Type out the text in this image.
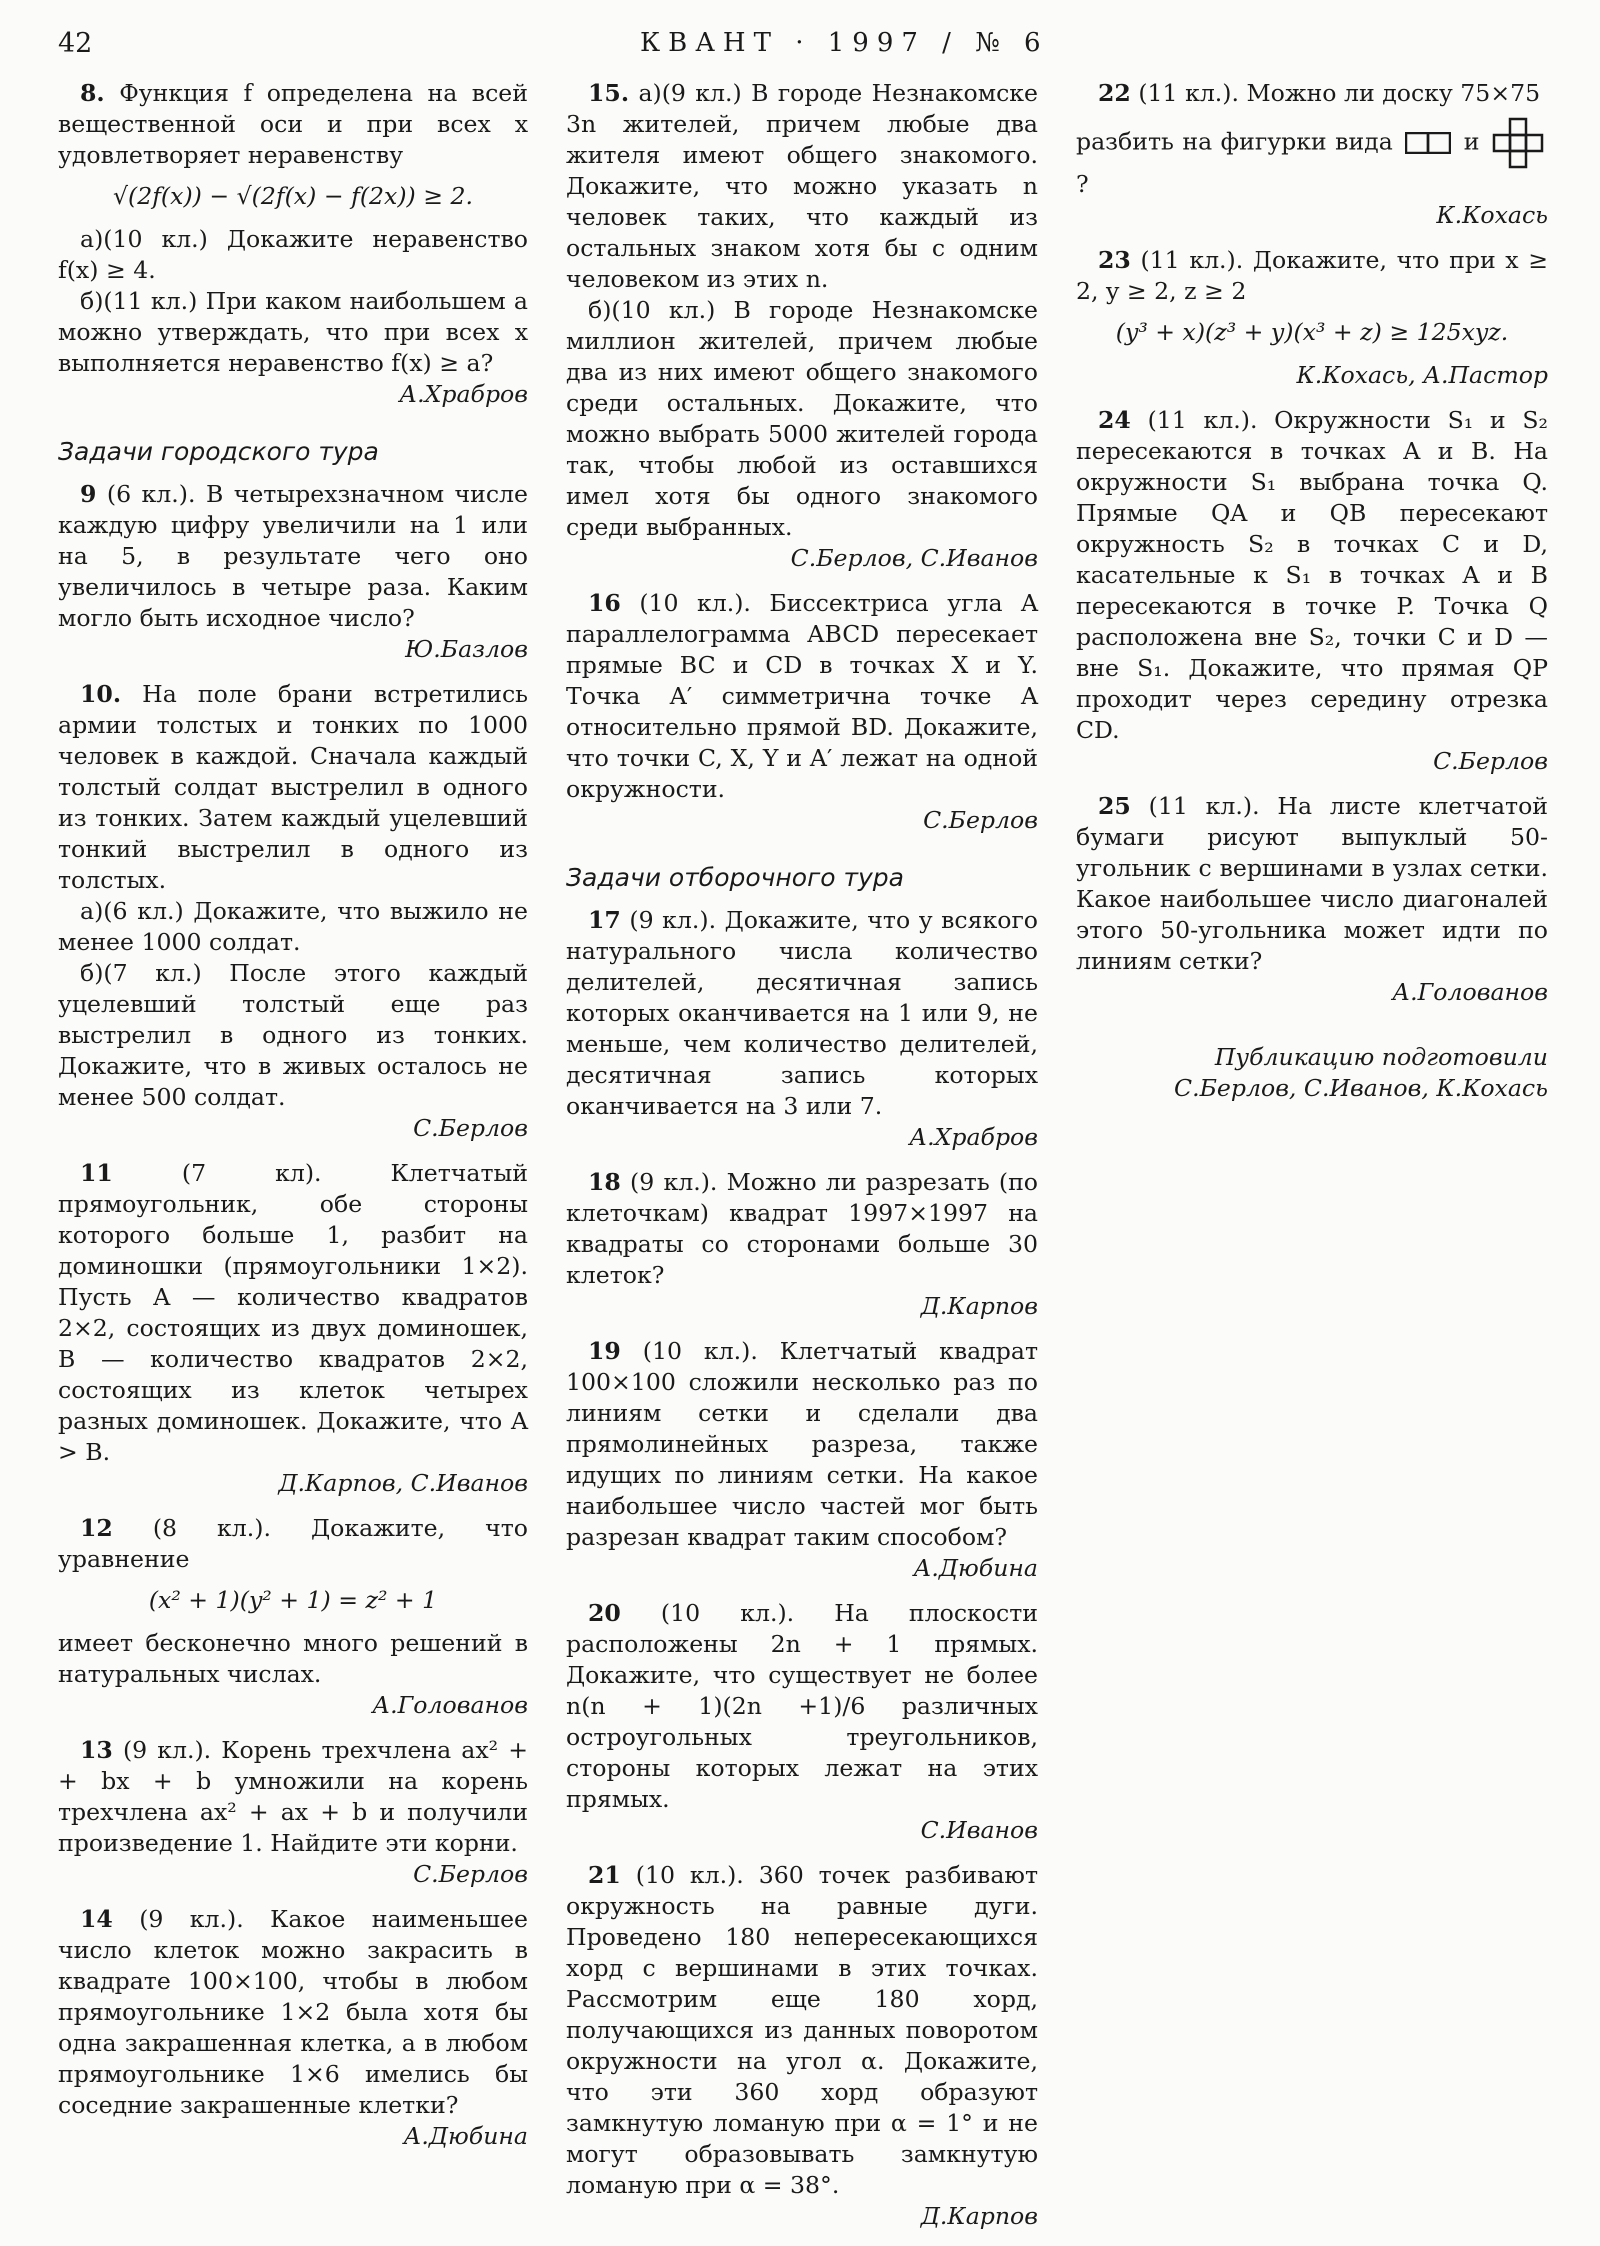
42	КВАНТ · 1997 / № 6

8. Функция f определена на всей вещественной оси и при всех x удовлетворяет неравенству

√(2f(x)) − √(2f(x) − f(2x)) ≥ 2.

а)(10 кл.) Докажите неравенство f(x) ≥ 4.

б)(11 кл.) При каком наибольшем a можно утверждать, что при всех x выполняется неравенство f(x) ≥ a?

А.Храбров

Задачи городского тура

9 (6 кл.). В четырехзначном числе каждую цифру увеличили на 1 или на 5, в результате чего оно увеличилось в четыре раза. Каким могло быть исходное число?

Ю.Базлов

10. На поле брани встретились армии толстых и тонких по 1000 человек в каждой. Сначала каждый толстый солдат выстрелил в одного из тонких. Затем каждый уцелевший тонкий выстрелил в одного из толстых.

а)(6 кл.) Докажите, что выжило не менее 1000 солдат.

б)(7 кл.) После этого каждый уцелевший толстый еще раз выстрелил в одного из тонких. Докажите, что в живых осталось не менее 500 солдат.

С.Берлов

11	(7 кл). Клетчатый прямоугольник, обе стороны которого больше 1, разбит на доминошки (прямоугольники 1×2). Пусть A — количество квадратов 2×2, состоящих из двух доминошек, B — количество квадратов 2×2, состоящих из клеток четырех разных доминошек. Докажите, что A > B.

Д.Карпов, С.Иванов

12 (8 кл.). Докажите, что уравнение

(x² + 1)(y² + 1) = z² + 1

имеет бесконечно много решений в натуральных числах.

А.Голованов

13 (9 кл.). Корень трехчлена ax² + + bx + b умножили на корень трехчлена ax² + ax + b и получили произведение 1. Найдите эти корни.

С.Берлов

14 (9 кл.). Какое наименьшее число клеток можно закрасить в квадрате 100×100, чтобы в любом прямоугольнике 1×2 была хотя бы одна закрашенная клетка, а в любом прямоугольнике 1×6 имелись бы соседние закрашенные клетки?

А.Дюбина

15. а)(9 кл.) В городе Незнакомске 3n жителей, причем любые два жителя имеют общего знакомого. Докажите, что можно указать n человек таких, что каждый из остальных знаком хотя бы с одним человеком из этих n.

б)(10 кл.) В городе Незнакомске миллион жителей, причем любые два из них имеют общего знакомого среди остальных. Докажите, что можно выбрать 5000 жителей города так, чтобы любой из оставшихся имел хотя бы одного знакомого среди выбранных.

С.Берлов, С.Иванов

16 (10 кл.). Биссектриса угла A параллелограмма ABCD пересекает прямые BC и CD в точках X и Y. Точка A′ симметрична точке A относительно прямой BD. Докажите, что точки C, X, Y и A′ лежат на одной окружности.

С.Берлов

Задачи отборочного тура

17 (9 кл.). Докажите, что у всякого натурального числа количество делителей, десятичная запись которых оканчивается на 1 или 9, не меньше, чем количество делителей, десятичная запись которых оканчивается на 3 или 7.

А.Храбров

18 (9 кл.). Можно ли разрезать (по клеточкам) квадрат 1997×1997 на квадраты со сторонами больше 30 клеток?

Д.Карпов

19 (10 кл.). Клетчатый квадрат 100×100 сложили несколько раз по линиям сетки и сделали два прямолинейных разреза, также идущих по линиям сетки. На какое наибольшее число частей мог быть разрезан квадрат таким способом?

А.Дюбина

20 (10 кл.). На плоскости расположены 2n + 1 прямых. Докажите, что существует не более n(n + 1)(2n +1)/6 различных остроугольных треугольников, стороны которых лежат на этих прямых.

С.Иванов

21 (10 кл.). 360 точек разбивают окружность на равные дуги. Проведено 180 непересекающихся хорд с вершинами в этих точках. Рассмотрим еще 180 хорд, получающихся из данных поворотом окружности на угол α. Докажите, что эти 360 хорд образуют замкнутую ломаную при α = 1° и не могут образовывать замкнутую ломаную при α = 38°.

Д.Карпов

22 (11 кл.). Можно ли доску 75×75

разбить на фигурки вида	и  ?

К.Кохась

23 (11 кл.). Докажите, что при x ≥ 2, y ≥ 2, z ≥ 2

(y³ + x)(z³ + y)(x³ + z) ≥ 125xyz.

К.Кохась, А.Пастор

24 (11 кл.). Окружности S₁ и S₂ пересекаются в точках A и B. На окружности S₁ выбрана точка Q. Прямые QA и QB пересекают окружность S₂ в точках C и D, касательные к S₁ в точках A и B пересекаются в точке P. Точка Q расположена вне S₂, точки C и D — вне S₁. Докажите, что прямая QP проходит через середину отрезка CD.

С.Берлов

25 (11 кл.). На листе клетчатой бумаги рисуют выпуклый 50-угольник с вершинами в узлах сетки. Какое наибольшее число диагоналей этого 50-угольника может идти по линиям сетки?

А.Голованов

Публикацию подготовили

С.Берлов, С.Иванов, К.Кохась
